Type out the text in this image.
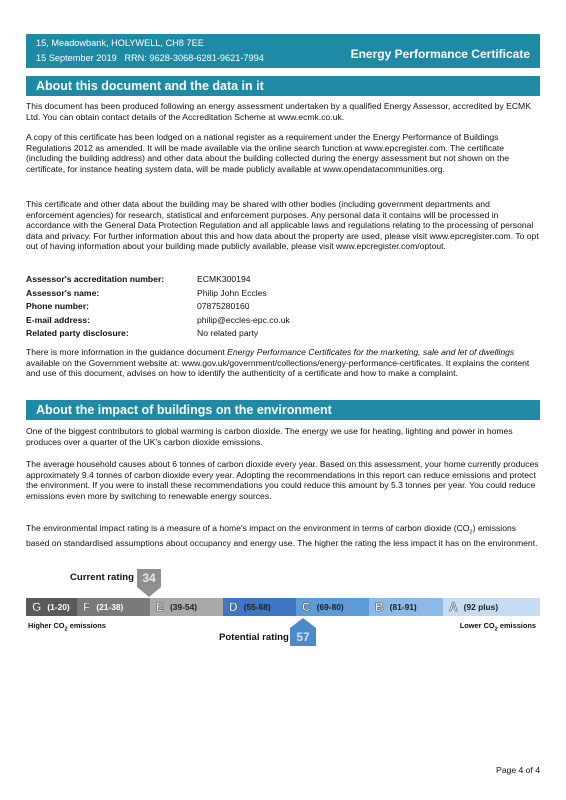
15, Meadowbank, HOLYWELL, CH8 7EE
15 September 2019 RRN: 9628-3068-6281-9621-7994	Energy Performance Certificate
About this document and the data in it
This document has been produced following an energy assessment undertaken by a qualified Energy Assessor, accredited by ECMK Ltd. You can obtain contact details of the Accreditation Scheme at www.ecmk.co.uk.
A copy of this certificate has been lodged on a national register as a requirement under the Energy Performance of Buildings Regulations 2012 as amended. It will be made available via the online search function at www.epcregister.com. The certificate (including the building address) and other data about the building collected during the energy assessment but not shown on the certificate, for instance heating system data, will be made publicly available at www.opendatacommunities.org.
This certificate and other data about the building may be shared with other bodies (including government departments and enforcement agencies) for research, statistical and enforcement purposes. Any personal data it contains will be processed in accordance with the General Data Protection Regulation and all applicable laws and regulations relating to the processing of personal data and privacy. For further information about this and how data about the property are used, please visit www.epcregister.com. To opt out of having information about your building made publicly available, please visit www.epcregister.com/optout.
Assessor's accreditation number:	ECMK300194
Assessor's name:	Philip John Eccles
Phone number:	07875280160
E-mail address:	philip@eccles-epc.co.uk
Related party disclosure:	No related party
There is more information in the guidance document Energy Performance Certificates for the marketing, sale and let of dwellings available on the Government website at: www.gov.uk/government/collections/energy-performance-certificates. It explains the content and use of this document, advises on how to identify the authenticity of a certificate and how to make a complaint.
About the impact of buildings on the environment
One of the biggest contributors to global warming is carbon dioxide. The energy we use for heating, lighting and power in homes produces over a quarter of the UK's carbon dioxide emissions.
The average household causes about 6 tonnes of carbon dioxide every year. Based on this assessment, your home currently produces approximately 9.4 tonnes of carbon dioxide every year. Adopting the recommendations in this report can reduce emissions and protect the environment. If you were to install these recommendations you could reduce this amount by 5.3 tonnes per year. You could reduce emissions even more by switching to renewable energy sources.
The environmental impact rating is a measure of a home's impact on the environment in terms of carbon dioxide $(CO_2)$ emissions based on standardised assumptions about occupancy and energy use. The higher the rating the less impact it has on the environment.
Current rating 34
G (1-20) F (21-38)	E (39-54)	D (55-68)	C (69-80)	B (81-91)	A (92 plus)
Higher $CO_2$ emissions	Lower $CO_2$ emissions
Potential rating 57
Page 4 of 4
